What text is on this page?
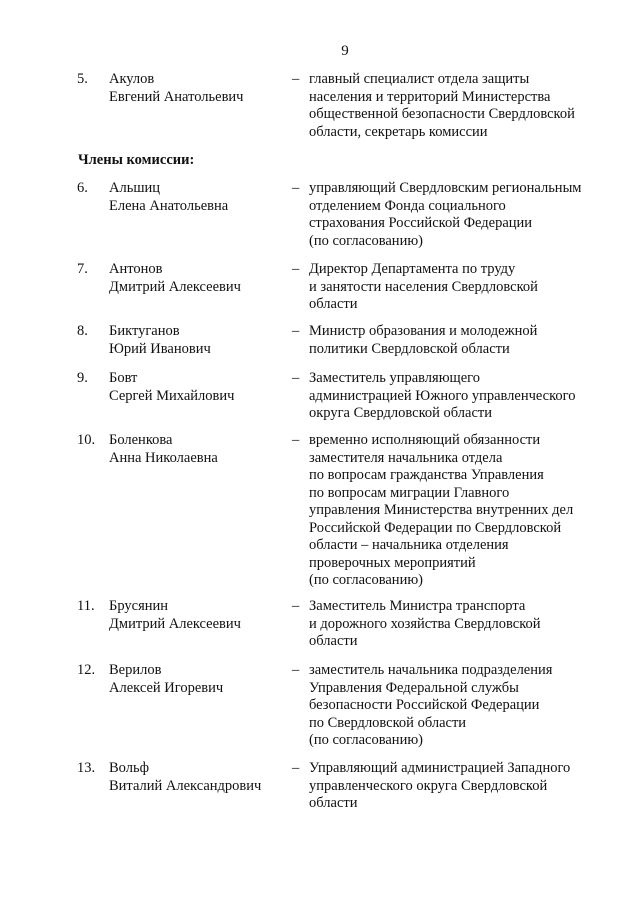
9
Члены комиссии:
5.	Акулов
Евгений Анатольевич
– главный специалист отдела защиты
населения и территорий Министерства
общественной безопасности Свердловской
области, секретарь комиссии
6.	Альшиц
Елена Анатольевна
– управляющий Свердловским региональным
отделением Фонда социального
страхования Российской Федерации
(по согласованию)
7.	Антонов
Дмитрий Алексеевич
– Директор Департамента по труду
и занятости населения Свердловской
области
8.	Биктуганов
Юрий Иванович
– Министр образования и молодежной
политики Свердловской области
9.	Бовт
Сергей Михайлович
– Заместитель управляющего
администрацией Южного управленческого
округа Свердловской области
10. Боленкова
Анна Николаевна
– временно исполняющий обязанности
заместителя начальника отдела
по вопросам гражданства Управления
по вопросам миграции Главного
управления Министерства внутренних дел
Российской Федерации по Свердловской
области – начальника отделения
проверочных мероприятий
(по согласованию)
11. Брусянин
Дмитрий Алексеевич
– Заместитель Министра транспорта
и дорожного хозяйства Свердловской
области
12. Верилов
Алексей Игоревич
– заместитель начальника подразделения
Управления Федеральной службы
безопасности Российской Федерации
по Свердловской области
(по согласованию)
13. Вольф
Виталий Александрович
– Управляющий администрацией Западного
управленческого округа Свердловской
области
